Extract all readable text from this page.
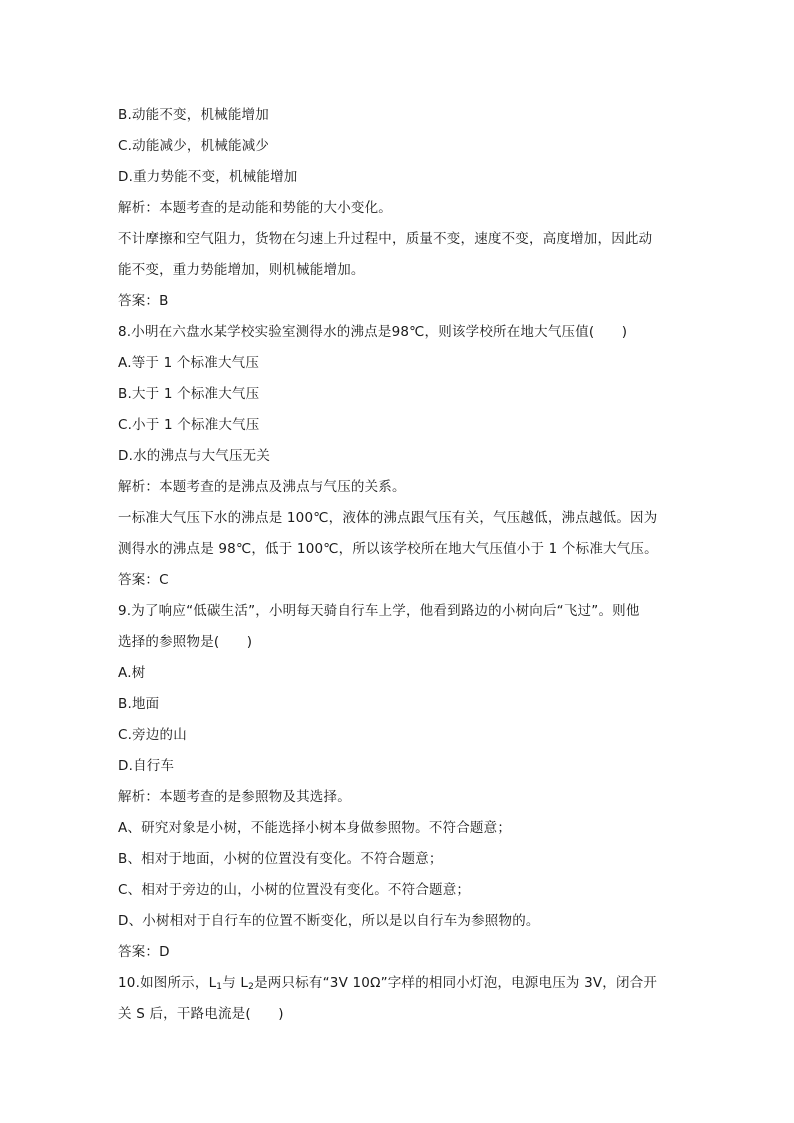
B.动能不变，机械能增加
C.动能减少，机械能减少
D.重力势能不变，机械能增加
解析：本题考查的是动能和势能的大小变化。
不计摩擦和空气阻力，货物在匀速上升过程中，质量不变，速度不变，高度增加，因此动
能不变，重力势能增加，则机械能增加。
答案：B
8.小明在六盘水某学校实验室测得水的沸点是98℃，则该学校所在地大气压值(　　)
A.等于 1 个标准大气压
B.大于 1 个标准大气压
C.小于 1 个标准大气压
D.水的沸点与大气压无关
解析：本题考查的是沸点及沸点与气压的关系。
一标准大气压下水的沸点是 100℃，液体的沸点跟气压有关，气压越低，沸点越低。因为
测得水的沸点是 98℃，低于 100℃，所以该学校所在地大气压值小于 1 个标准大气压。
答案：C
9.为了响应“低碳生活”，小明每天骑自行车上学，他看到路边的小树向后“飞过”。则他
选择的参照物是(　　)
A.树
B.地面
C.旁边的山
D.自行车
解析：本题考查的是参照物及其选择。
A、研究对象是小树，不能选择小树本身做参照物。不符合题意；
B、相对于地面，小树的位置没有变化。不符合题意；
C、相对于旁边的山，小树的位置没有变化。不符合题意；
D、小树相对于自行车的位置不断变化，所以是以自行车为参照物的。
答案：D
10.如图所示，$L_1$与 $L_2$是两只标有“3V 10Ω”字样的相同小灯泡，电源电压为 3V，闭合开
关 S 后，干路电流是(　　)
